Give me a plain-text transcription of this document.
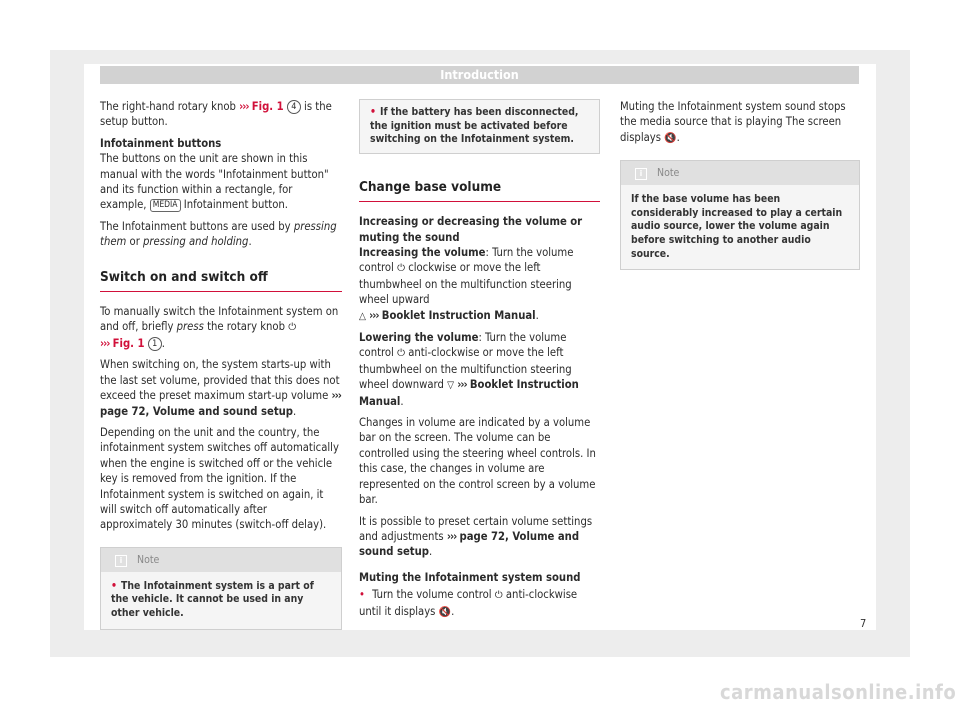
Introduction

The right-hand rotary knob ››› Fig. 1 4 is the setup button.

Infotainment buttons
The buttons on the unit are shown in this manual with the words "Infotainment button" and its function within a rectangle, for example, MEDIA Infotainment button.

The Infotainment buttons are used by pressing them or pressing and holding.

Switch on and switch off

To manually switch the Infotainment system on and off, briefly press the rotary knob ⏻
››› Fig. 1 1 .

When switching on, the system starts-up with the last set volume, provided that this does not exceed the preset maximum start-up volume ››› page 72, Volume and sound setup.

Depending on the unit and the country, the infotainment system switches off automatically when the engine is switched off or the vehicle key is removed from the ignition. If the Infotainment system is switched on again, it will switch off automatically after approximately 30 minutes (switch-off delay).

i Note
• The Infotainment system is a part of the vehicle. It cannot be used in any other vehicle.
• If the battery has been disconnected, the ignition must be activated before switching on the Infotainment system.
Change base volume

Increasing or decreasing the volume or muting the sound

Increasing the volume: Turn the volume control ⏻ clockwise or move the left thumbwheel on the multifunction steering wheel upward
△ ››› Booklet Instruction Manual.

Lowering the volume: Turn the volume control ⏻ anti-clockwise or move the left thumbwheel on the multifunction steering wheel downward ▽ ››› Booklet Instruction Manual.

Changes in volume are indicated by a volume bar on the screen. The volume can be controlled using the steering wheel controls. In this case, the changes in volume are represented on the control screen by a volume bar.

It is possible to preset certain volume settings and adjustments ››› page 72, Volume and sound setup.

Muting the Infotainment system sound

• Turn the volume control ⏻ anti-clockwise until it displays 🔇.

Muting the Infotainment system sound stops the media source that is playing The screen displays 🔇.

i Note
If the base volume has been considerably increased to play a certain audio source, lower the volume again before switching to another audio source.
7
carmanualsonline.info
